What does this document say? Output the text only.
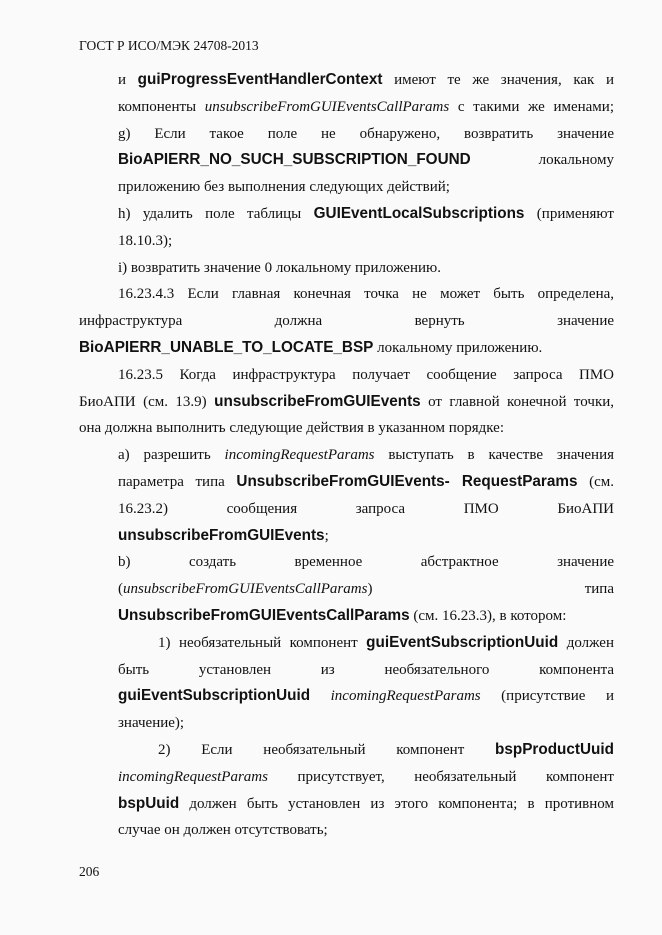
ГОСТ Р ИСО/МЭК 24708-2013
и guiProgressEventHandlerContext имеют те же значения, как и
компоненты unsubscribeFromGUIEventsCallParams с такими же именами;
g) Если такое поле не обнаружено, возвратить значение
BioAPIERR_NO_SUCH_SUBSCRIPTION_FOUND локальному
приложению без выполнения следующих действий;
h) удалить поле таблицы GUIEventLocalSubscriptions (применяют
18.10.3);
i) возвратить значение 0 локальному приложению.
16.23.4.3 Если главная конечная точка не может быть определена,
инфраструктура должна вернуть значение
BioAPIERR_UNABLE_TO_LOCATE_BSP локальному приложению.
16.23.5 Когда инфраструктура получает сообщение запроса ПМО
БиоАПИ (см. 13.9) unsubscribeFromGUIEvents от главной конечной точки,
она должна выполнить следующие действия в указанном порядке:
а) разрешить incomingRequestParams выступать в качестве значения
параметра типа UnsubscribeFromGUIEvents- RequestParams (см.
16.23.2) сообщения запроса ПМО БиоАПИ
unsubscribeFromGUIEvents;
b) создать временное абстрактное значение
(unsubscribeFromGUIEventsCallParams) типа
UnsubscribeFromGUIEventsCallParams (см. 16.23.3), в котором:
1) необязательный компонент guiEventSubscriptionUuid должен
быть установлен из необязательного компонента
guiEventSubscriptionUuid incomingRequestParams (присутствие и
значение);
2) Если необязательный компонент bspProductUuid
incomingRequestParams присутствует, необязательный компонент
bspUuid должен быть установлен из этого компонента; в противном
случае он должен отсутствовать;
206
